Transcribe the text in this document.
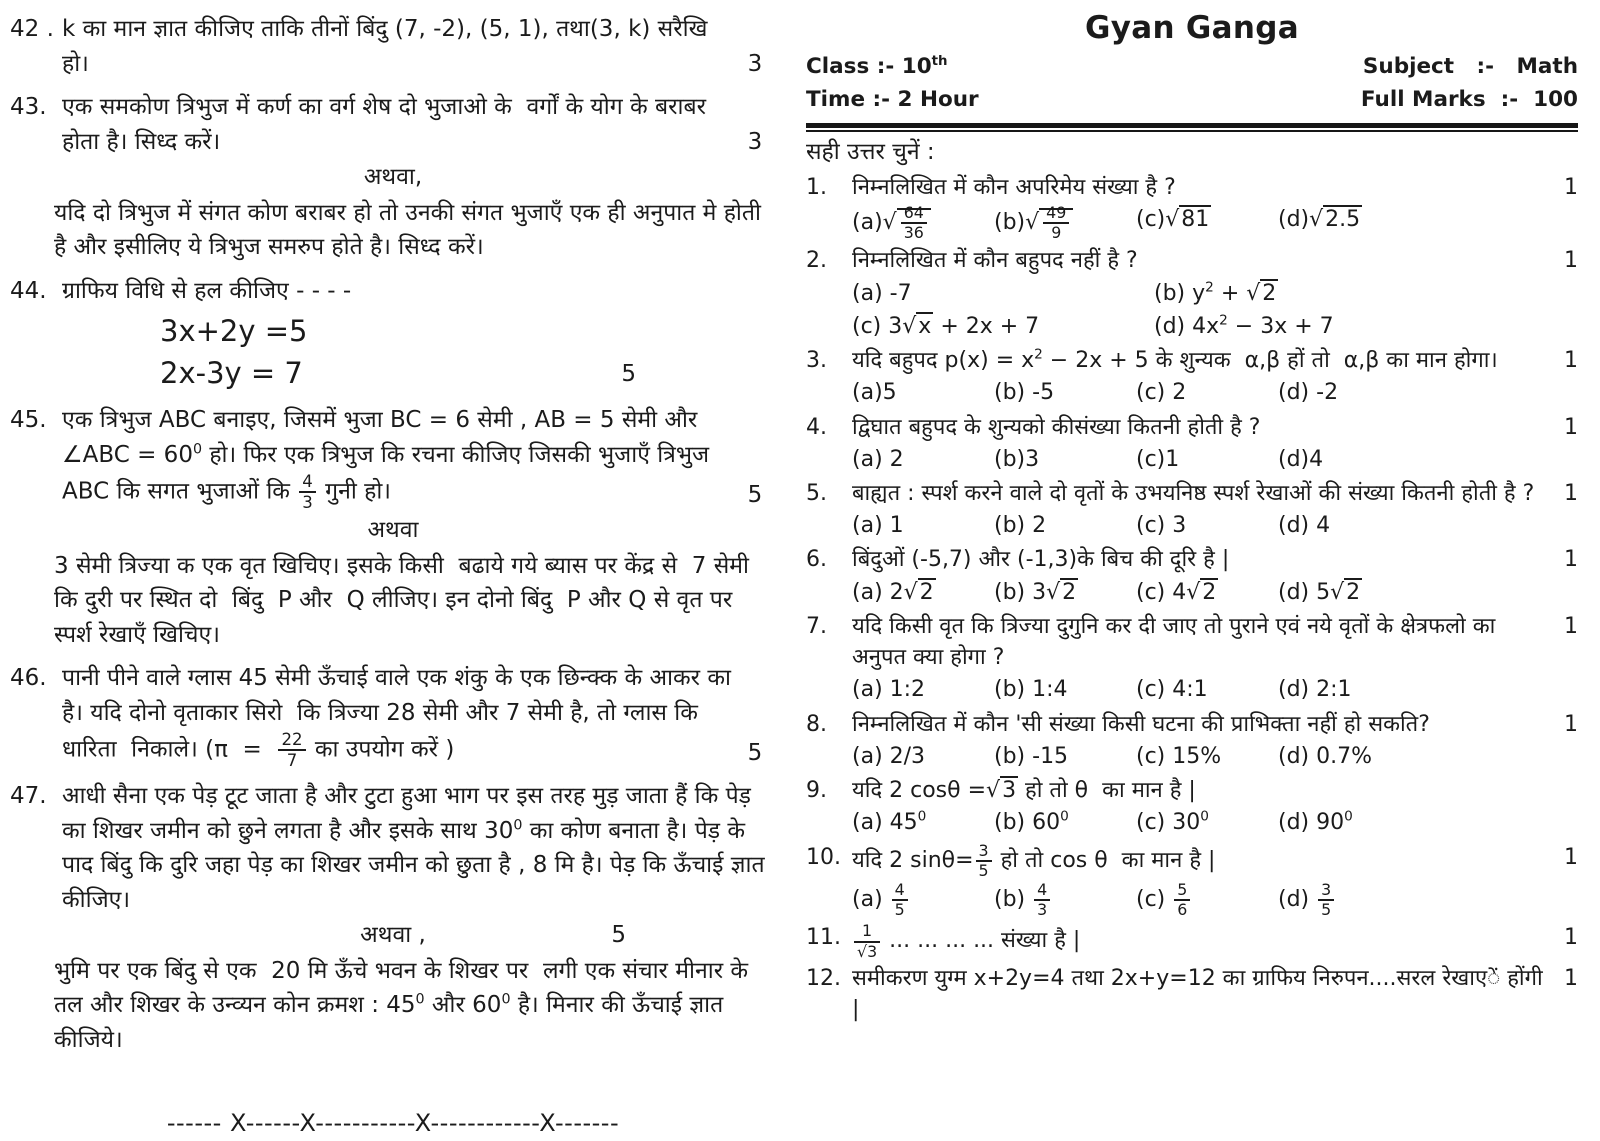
42 . k का मान ज्ञात कीजिए ताकि तीनों बिंदु (7, -2), (5, 1), तथा(3, k) सरैखि हो।	3
43. एक समकोण त्रिभुज में कर्ण का वर्ग शेष दो भुजाओ के  वर्गों के योग के बराबर होता है। सिध्द करें।	3
अथवा,
यदि दो त्रिभुज में संगत कोण बराबर हो तो उनकी संगत भुजाएँ एक ही अनुपात मे होती है और इसीलिए ये त्रिभुज समरुप होते है। सिध्द करें।
44. ग्राफिय विधि से हल कीजिए - - - -
3x+2y =5
2x-3y = 7	5
45. एक त्रिभुज ABC बनाइए, जिसमें भुजा BC = 6 सेमी , AB = 5 सेमी और ∠ABC = $60^0$ हो। फिर एक त्रिभुज कि रचना कीजिए जिसकी भुजाएँ त्रिभुज ABC कि सगत भुजाओं कि $\frac{4}{3}$ गुनी हो।	5
अथवा
3 सेमी त्रिज्या क एक वृत खिचिए। इसके किसी  बढाये गये ब्यास पर केंद्र से  7 सेमी कि दुरी पर स्थित दो  बिंदु  P और  Q लीजिए। इन दोनो बिंदु  P और Q से वृत पर स्पर्श रेखाएँ खिचिए।
46. पानी पीने वाले ग्लास 45 सेमी ऊँचाई वाले एक शंकु के एक छिन्क्क के आकर का है। यदि दोनो वृताकार सिरो  कि त्रिज्या 28 सेमी और 7 सेमी है, तो ग्लास कि धारिता  निकाले। ($\pi = \frac{22}{7}$ का उपयोग करें )	5
47. आधी सैना एक पेड़ टूट जाता है और टुटा हुआ भाग पर इस तरह मुड़ जाता हैं कि पेड़ का शिखर जमीन को छुने लगता है और इसके साथ $30^0$ का कोण बनाता है। पेड़ के पाद बिंदु कि दुरि जहा पेड़ का शिखर जमीन को छुता है , 8 मि है। पेड़ कि ऊँचाई ज्ञात कीजिए।
अथवा ,	5
भुमि पर एक बिंदु से एक  20 मि ऊँचे भवन के शिखर पर  लगी एक संचार मीनार के तल और शिखर के उन्व्यन कोन क्रमश : $45^0$ और $60^0$ है। मिनार की ऊँचाई ज्ञात कीजिये।
------ X------X-----------X------------X-------
Gyan Ganga
Class :- 10th	Subject   :-   Math
Time :- 2 Hour	Full Marks  :-  100
सही उत्तर चुनें :
1.	निम्नलिखित में कौन अपरिमेय संख्या है ?	1
$(a)√ \frac{64}{36}$	$(b)√ \frac{49}{9}$	(c)√81	(d)√2.5
2.	निम्नलिखित में कौन बहुपद नहीं है ?	1
(a) -7	(b) $y^2 + √2(c) 3√x + 2x + 7$	(d) $4x^2 - 3x + 7$
3.	यदि बहुपद $p(x) = x^2 - 2x + 5$ के शुन्यक  α,β हों तो  α,β का मान होगा।	1
(a)5	(b) -5	(c) 2	(d) -2
4.	द्विघात बहुपद के शुन्यको कीसंख्या कितनी होती है ?	1
(a) 2	(b)3	(c)1	(d)4
5.	बाह्यत : स्पर्श करने वाले दो वृतों के उभयनिष्ठ स्पर्श रेखाओं की संख्या कितनी होती है ?	1
(a) 1	(b) 2	(c) 3	(d) 4
6.	बिंदुओं (-5,7) और (-1,3)के बिच की दूरि है |	1
(a) 2√2	(b) 3√2	(c) 4√2	(d) 5√2
7.	यदि किसी वृत कि त्रिज्या दुगुनि कर दी जाए तो पुराने एवं नये वृतों के क्षेत्रफलो का अनुपत क्या होगा ?
1
(a) 1:2	(b) 1:4	(c) 4:1	(d) 2:1
8.	निम्नलिखित में कौन 'सी संख्या किसी घटना की प्राभिक्ता नहीं हो सकति?	1
(a) 2/3	(b) -15	(c) 15%	(d) 0.7%
9.	यदि 2 cosθ =√3 हो तो θ  का मान है |
(a) $45^0$	(b) $60^0$	(c) $30^0$	(d) $90^0$
10. यदि 2 $\sin\theta= \frac{3}{5}$ हो तो cos θ  का मान है |	1
$(a) \frac{4}{5}$	$(b) \frac{4}{3}$	$(c) \frac{5}{6}$	$(d) \frac{3}{5}$
11. $\frac{1}{√3}$ ... ... ... ... संख्या है |	1
12. समीकरण युग्म x+2y=4 तथा 2x+y=12 का ग्राफिय निरुपन....सरल रेखाएें होंगी |
1
